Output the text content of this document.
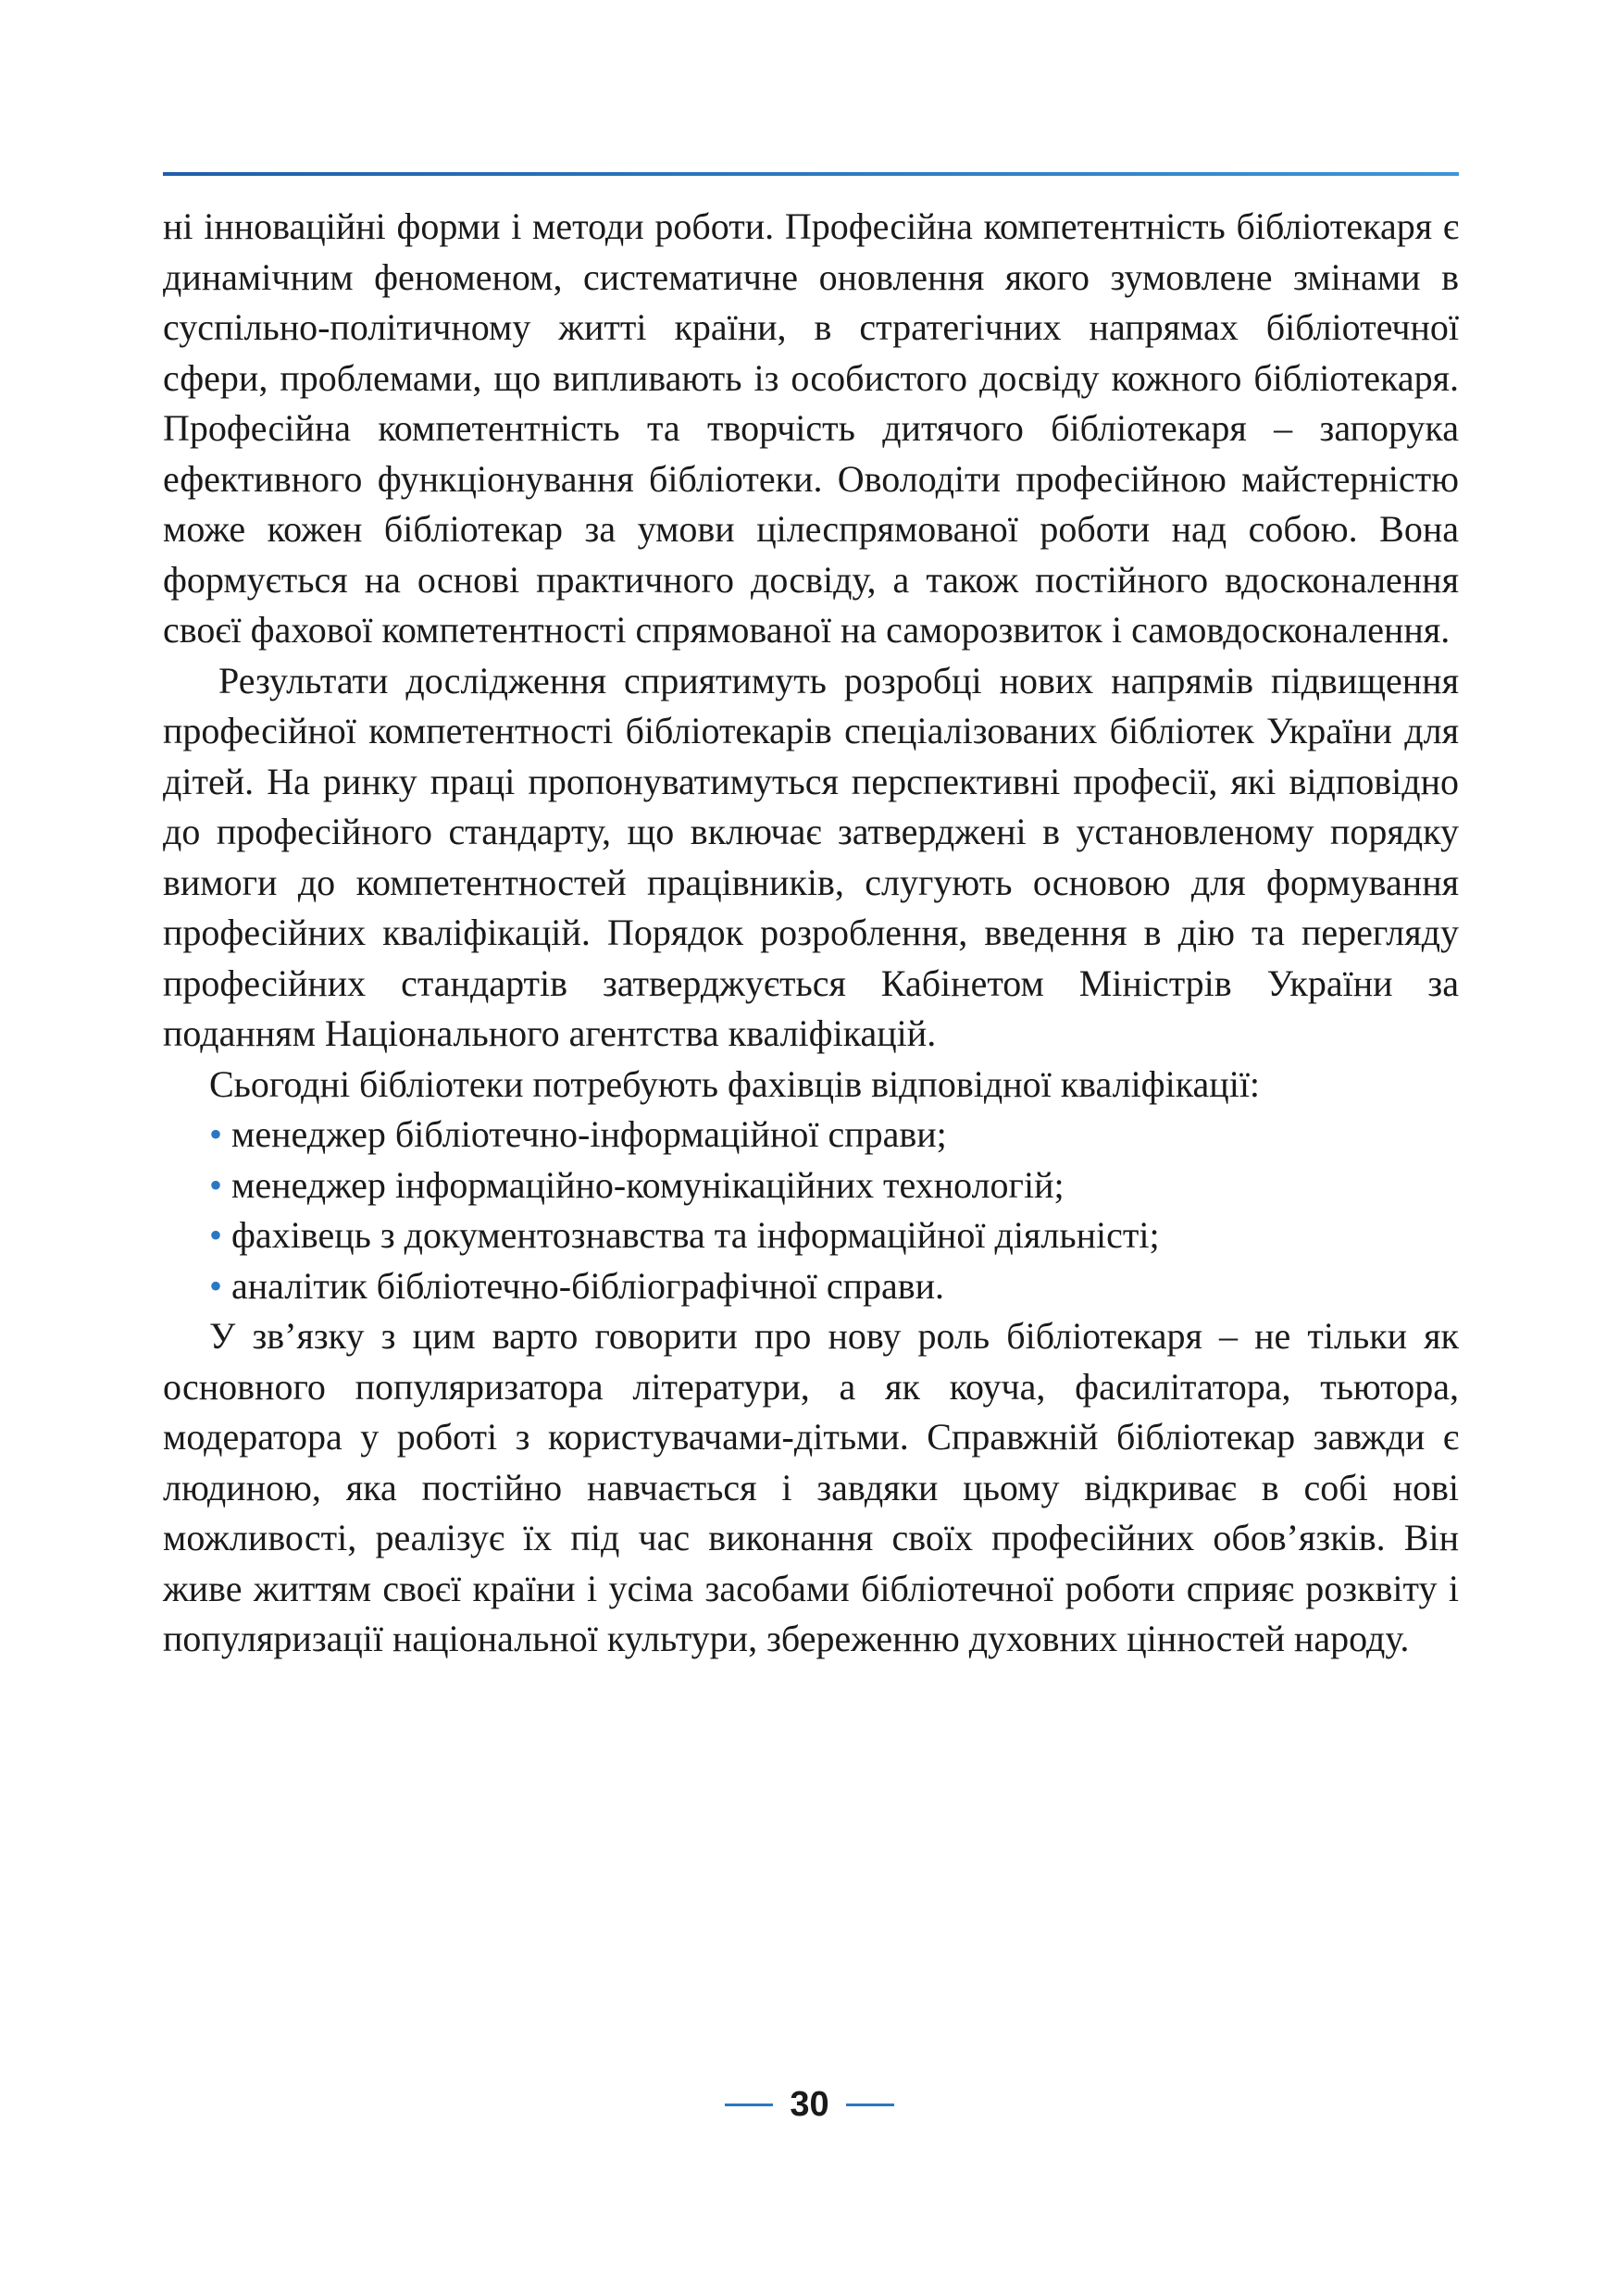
ні інноваційні форми і методи роботи. Професійна компетентність бібліотекаря є динамічним феноменом, систематичне оновлення якого зумовлене змінами в суспільно-політичному житті країни, в стратегічних напрямах бібліотечної сфери, проблемами, що випливають із особистого досвіду кожного бібліотекаря. Професійна компетентність та творчість дитячого бібліотекаря – запорука ефективного функціонування бібліотеки. Оволодіти професійною майстерністю може кожен бібліотекар за умови цілеспрямованої роботи над собою. Вона формується на основі практичного досвіду, а також постійного вдосконалення своєї фахової компетентності спрямованої на саморозвиток і самовдосконалення.

Результати дослідження сприятимуть розробці нових напрямів підвищення професійної компетентності бібліотекарів спеціалізованих бібліотек України для дітей. На ринку праці пропонуватимуться перспективні професії, які відповідно до професійного стандарту, що включає затверджені в установленому порядку вимоги до компетентностей працівників, слугують основою для формування професійних кваліфікацій. Порядок розроблення, введення в дію та перегляду професійних стандартів затверджується Кабінетом Міністрів України за поданням Національного агентства кваліфікацій.

Сьогодні бібліотеки потребують фахівців відповідної кваліфікації:

• менеджер бібліотечно-інформаційної справи;
• менеджер інформаційно-комунікаційних технологій;
• фахівець з документознавства та інформаційної діяльністі;
• аналітик бібліотечно-бібліографічної справи.

У зв’язку з цим варто говорити про нову роль бібліотекаря – не тільки як основного популяризатора літератури, а як коуча, фасилітатора, тьютора, модератора у роботі з користувачами-дітьми. Справжній бібліотекар завжди є людиною, яка постійно навчається і завдяки цьому відкриває в собі нові можливості, реалізує їх під час виконання своїх професійних обов’язків. Він живе життям своєї країни і усіма засобами бібліотечної роботи сприяє розквіту і популяризації національної культури, збереженню духовних цінностей народу.

30
